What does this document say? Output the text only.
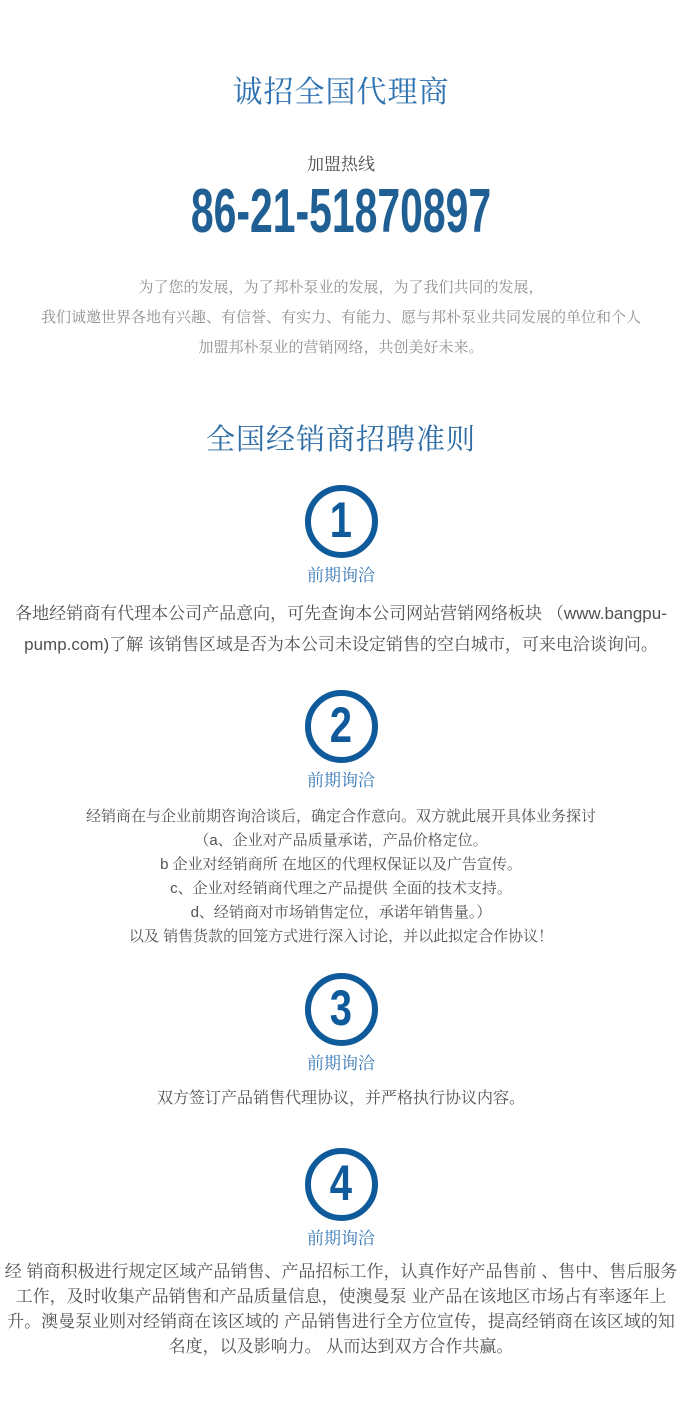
诚招全国代理商
加盟热线
86-21-51870897
为了您的发展，为了邦朴泵业的发展，为了我们共同的发展，
我们诚邀世界各地有兴趣、有信誉、有实力、有能力、愿与邦朴泵业共同发展的单位和个人
加盟邦朴泵业的营销网络，共创美好未来。
全国经销商招聘准则
1
前期询洽
各地经销商有代理本公司产品意向，可先查询本公司网站营销网络板块 （www.bangpu-pump.com)了解 该销售区域是否为本公司未设定销售的空白城市，可来电洽谈询问。
2
前期询洽
经销商在与企业前期咨询洽谈后，确定合作意向。双方就此展开具体业务探讨
（a、企业对产品质量承诺，产品价格定位。
b 企业对经销商所 在地区的代理权保证以及广告宣传。
c、企业对经销商代理之产品提供 全面的技术支持。
d、经销商对市场销售定位，承诺年销售量。）
以及 销售货款的回笼方式进行深入讨论，并以此拟定合作协议！
3
前期询洽
双方签订产品销售代理协议，并严格执行协议内容。
4
前期询洽
经 销商积极进行规定区域产品销售、产品招标工作，认真作好产品售前 、售中、售后服务工作，及时收集产品销售和产品质量信息，使澳曼泵 业产品在该地区市场占有率逐年上升。澳曼泵业则对经销商在该区域的 产品销售进行全方位宣传，提高经销商在该区域的知名度，以及影响力。 从而达到双方合作共赢。
